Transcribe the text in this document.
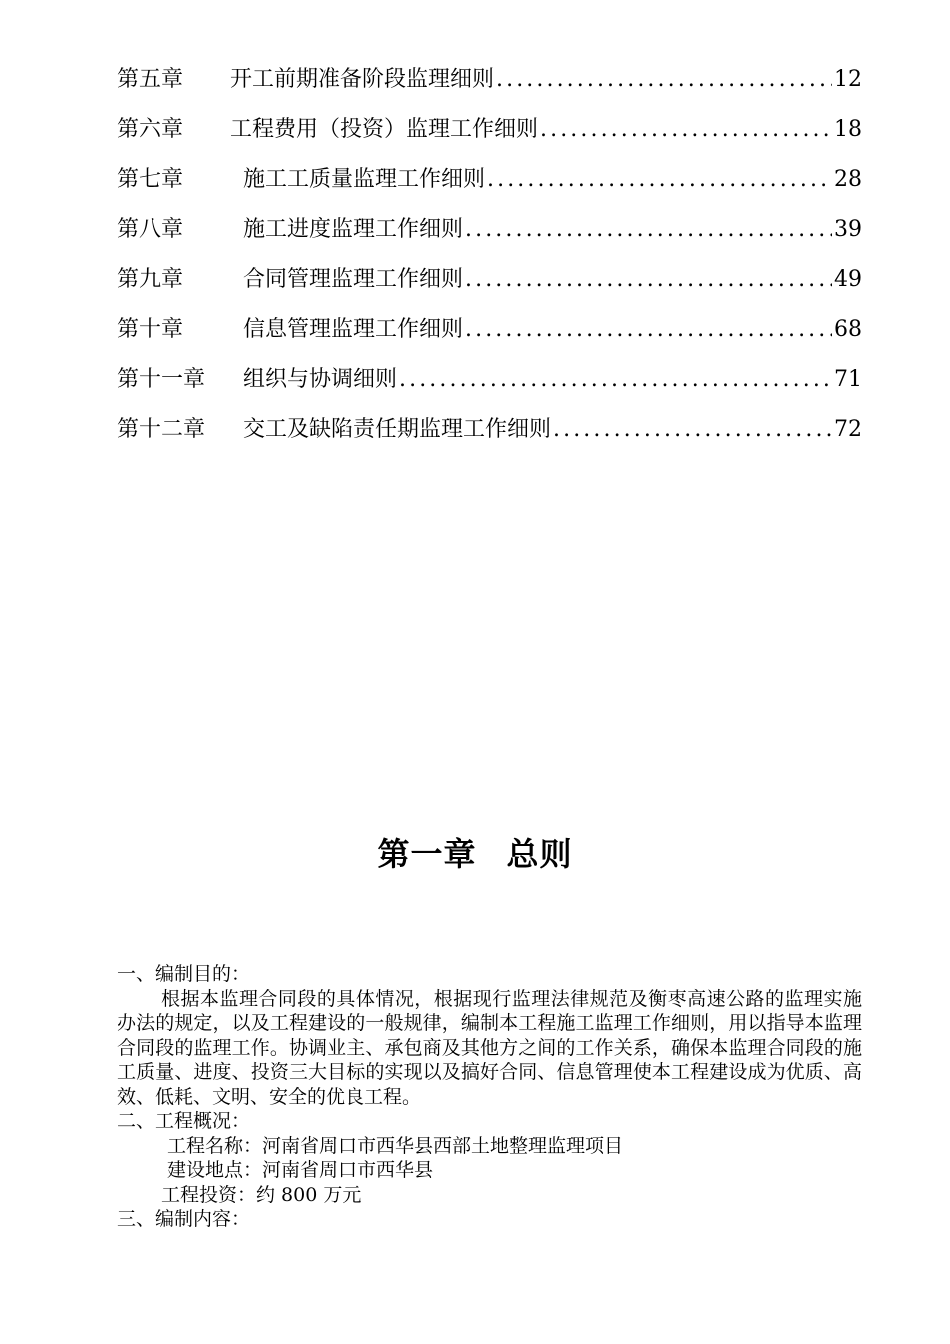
第五章	开工前期准备阶段监理细则 .....	12
第六章	工程费用（投资）监理工作细则 .....	18
第七章	施工工质量监理工作细则 .....	28
第八章	施工进度监理工作细则 .....	39
第九章	合同管理监理工作细则 .....	49
第十章	信息管理监理工作细则 .....	68
第十一章	组织与协调细则 .....	71
第十二章	交工及缺陷责任期监理工作细则 .....	72
第一章 总则

一、编制目的：

根据本监理合同段的具体情况，根据现行监理法律规范及衡枣高速公路的监理实施办法的规定，以及工程建设的一般规律，编制本工程施工监理工作细则，用以指导本监理合同段的监理工作。协调业主、承包商及其他方之间的工作关系，确保本监理合同段的施工质量、进度、投资三大目标的实现以及搞好合同、信息管理使本工程建设成为优质、高效、低耗、文明、安全的优良工程。

二、工程概况：

工程名称：河南省周口市西华县西部土地整理监理项目

建设地点：河南省周口市西华县

工程投资：约 800 万元

三、编制内容：
